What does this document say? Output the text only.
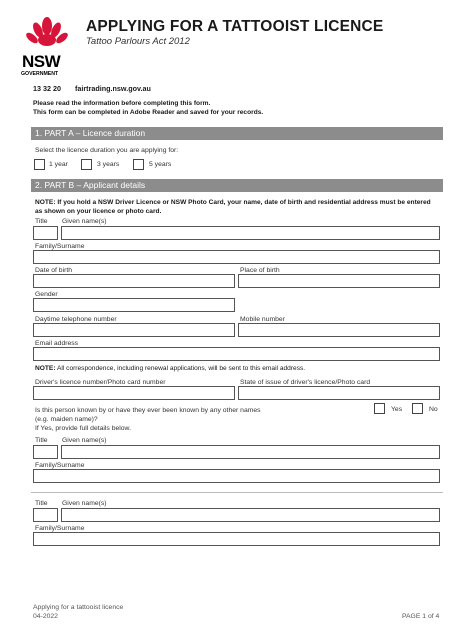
NSW
GOVERNMENT
APPLYING FOR A TATTOOIST LICENCE
Tattoo Parlours Act 2012
13 32 20 fairtrading.nsw.gov.au
Please read the information before completing this form.
This form can be completed in Adobe Reader and saved for your records.
1. PART A – Licence duration
Select the licence duration you are applying for:
1 year	3 years	5 years
2. PART B – Applicant details
NOTE: If you hold a NSW Driver Licence or NSW Photo Card, your name, date of birth and residential address must be entered as shown on your licence or photo card.
Title Given name(s)
Family/Surname
Date of birth	Place of birth
Gender
Daytime telephone number	Mobile number
Email address
NOTE: All correspondence, including renewal applications, will be sent to this email address.
Driver's licence number/Photo card number	State of issue of driver's licence/Photo card
Is this person known by or have they ever been known by any other names
(e.g. maiden name)?
Yes	No
If Yes, provide full details below.
Title Given name(s)
Family/Surname
Title Given name(s)
Family/Surname
Applying for a tattooist licence
04-2022	PAGE 1 of 4
